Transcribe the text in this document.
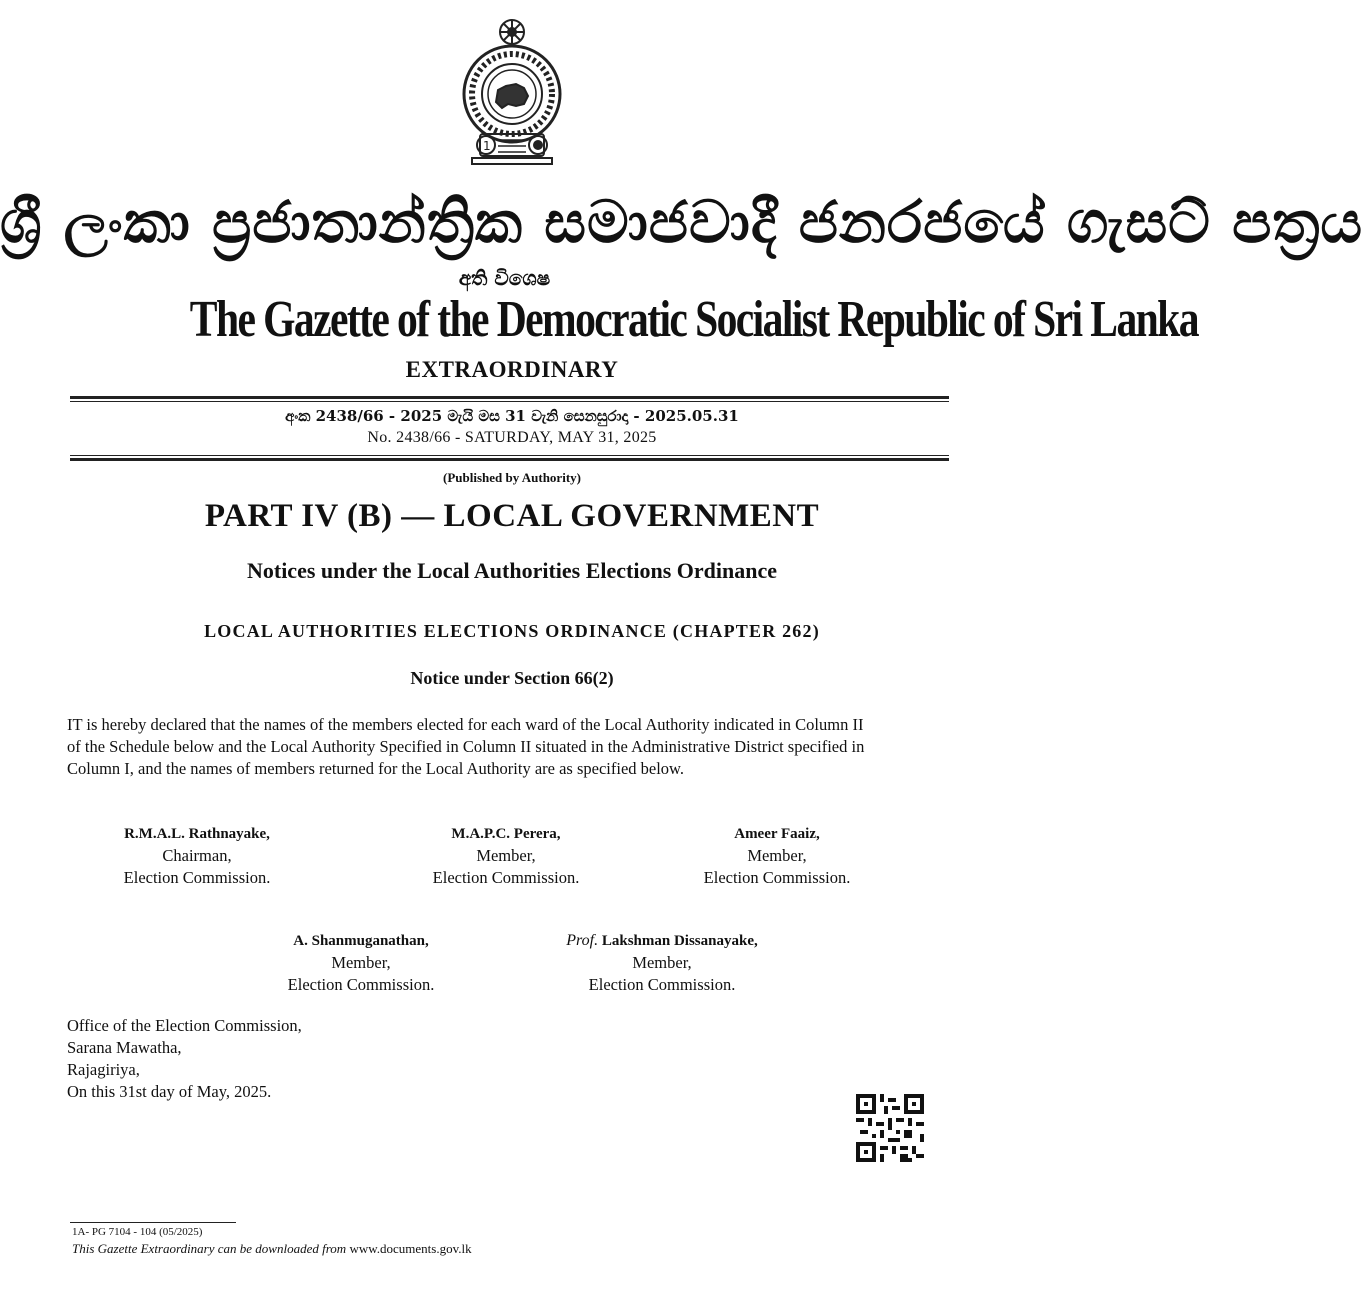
1
ශ්‍රී ලංකා ප්‍රජාතාන්ත්‍රික සමාජවාදී ජනරජයේ ගැසට් පත්‍රය
අති විශෙෂ
The Gazette of the Democratic Socialist Republic of Sri Lanka
EXTRAORDINARY
අංක 2438/66 - 2025 මැයි මස 31 වැනි සෙනසුරාදා - 2025.05.31
No. 2438/66 - SATURDAY, MAY 31, 2025
(Published by Authority)
PART IV (B) — LOCAL GOVERNMENT
Notices under the Local Authorities Elections Ordinance
LOCAL AUTHORITIES ELECTIONS ORDINANCE (CHAPTER 262)
Notice under Section 66(2)
IT is hereby declared that the names of the members elected for each ward of the Local Authority indicated in Column II
of the Schedule below and the Local Authority Specified in Column II situated in the Administrative District specified in
Column I, and the names of members returned for the Local Authority are as specified below.
R.M.A.L. Rathnayake,
Chairman,
Election Commission.
M.A.P.C. Perera,
Member,
Election Commission.
Ameer Faaiz,
Member,
Election Commission.
A. Shanmuganathan,
Member,
Election Commission.
Prof. Lakshman Dissanayake,
Member,
Election Commission.
Office of the Election Commission,
Sarana Mawatha,
Rajagiriya,
On this 31st day of May, 2025.
1A- PG 7104 - 104 (05/2025)
This Gazette Extraordinary can be downloaded from www.documents.gov.lk
